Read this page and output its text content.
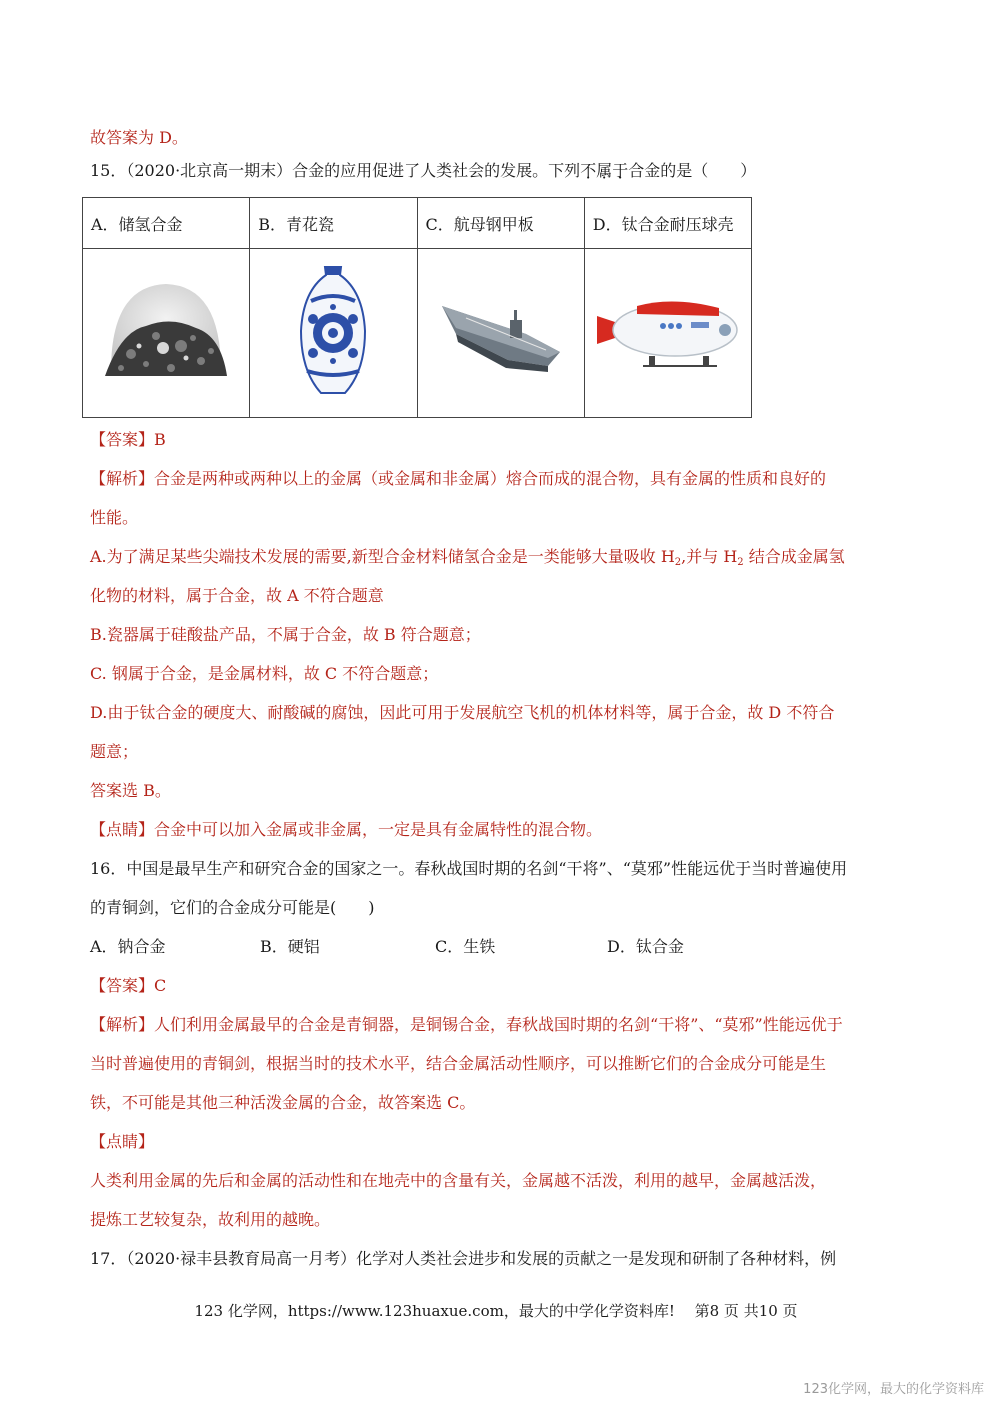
故答案为 D。
15．（2020·北京高一期末）合金的应用促进了人类社会的发展。下列不属于合金的是（　　）
A．储氢合金	B．青花瓷	C．航母钢甲板	D．钛合金耐压球壳

【答案】B
【解析】合金是两种或两种以上的金属（或金属和非金属）熔合而成的混合物，具有金属的性质和良好的
性能。
A.为了满足某些尖端技术发展的需要,新型合金材料储氢合金是一类能够大量吸收 $H_2$,并与 $H_2$ 结合成金属氢
化物的材料，属于合金，故 A 不符合题意
B.瓷器属于硅酸盐产品，不属于合金，故 B 符合题意；
C. 钢属于合金，是金属材料，故 C 不符合题意；
D.由于钛合金的硬度大、耐酸碱的腐蚀，因此可用于发展航空飞机的机体材料等，属于合金，故 D 不符合
题意；
答案选 B。
【点睛】合金中可以加入金属或非金属，一定是具有金属特性的混合物。
16．中国是最早生产和研究合金的国家之一。春秋战国时期的名剑“干将”、“莫邪”性能远优于当时普遍使用
的青铜剑，它们的合金成分可能是(　　)
A．钠合金	B．硬铝	C．生铁	D．钛合金
【答案】C
【解析】人们利用金属最早的合金是青铜器，是铜锡合金，春秋战国时期的名剑“干将”、“莫邪”性能远优于
当时普遍使用的青铜剑，根据当时的技术水平，结合金属活动性顺序，可以推断它们的合金成分可能是生
铁，不可能是其他三种活泼金属的合金，故答案选 C。
【点睛】
人类利用金属的先后和金属的活动性和在地壳中的含量有关，金属越不活泼，利用的越早，金属越活泼，
提炼工艺较复杂，故利用的越晚。
17．（2020·禄丰县教育局高一月考）化学对人类社会进步和发展的贡献之一是发现和研制了各种材料，例
123 化学网，https://www.123huaxue.com，最大的中学化学资料库!　 第8 页 共10 页
123化学网，最大的化学资料库
